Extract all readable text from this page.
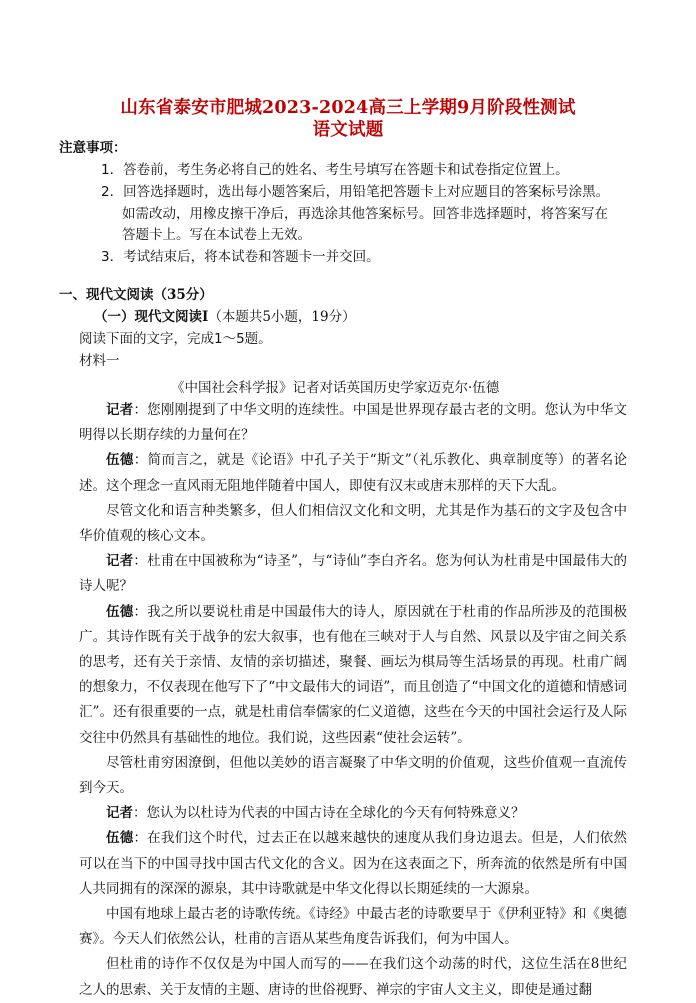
山东省泰安市肥城2023-2024高三上学期9月阶段性测试
语文试题
注意事项：
1．答卷前，考生务必将自己的姓名、考生号填写在答题卡和试卷指定位置上。
2．回答选择题时，选出每小题答案后，用铅笔把答题卡上对应题目的答案标号涂黑。
如需改动，用橡皮擦干净后，再选涂其他答案标号。回答非选择题时，将答案写在
答题卡上。写在本试卷上无效。
3．考试结束后，将本试卷和答题卡一并交回。
一、现代文阅读（35分）
（一）现代文阅读Ⅰ（本题共5小题，19分）
阅读下面的文字，完成1～5题。
材料一
《中国社会科学报》记者对话英国历史学家迈克尔·伍德

记者：您刚刚提到了中华文明的连续性。中国是世界现存最古老的文明。您认为中华文明得以长期存续的力量何在？

伍德：简而言之，就是《论语》中孔子关于“斯文”（礼乐教化、典章制度等）的著名论述。这个理念一直风雨无阻地伴随着中国人，即使有汉末或唐末那样的天下大乱。

尽管文化和语言种类繁多，但人们相信汉文化和文明，尤其是作为基石的文字及包含中华价值观的核心文本。

记者：杜甫在中国被称为“诗圣”，与“诗仙”李白齐名。您为何认为杜甫是中国最伟大的诗人呢？

伍德：我之所以要说杜甫是中国最伟大的诗人，原因就在于杜甫的作品所涉及的范围极广。其诗作既有关于战争的宏大叙事，也有他在三峡对于人与自然、风景以及宇宙之间关系的思考，还有关于亲情、友情的亲切描述，聚餐、画坛为棋局等生活场景的再现。杜甫广阔的想象力，不仅表现在他写下了“中文最伟大的词语”，而且创造了“中国文化的道德和情感词汇”。还有很重要的一点，就是杜甫信奉儒家的仁义道德，这些在今天的中国社会运行及人际交往中仍然具有基础性的地位。我们说，这些因素“使社会运转”。

尽管杜甫穷困潦倒，但他以美妙的语言凝聚了中华文明的价值观，这些价值观一直流传到今天。

记者：您认为以杜诗为代表的中国古诗在全球化的今天有何特殊意义？

伍德：在我们这个时代，过去正在以越来越快的速度从我们身边退去。但是，人们依然可以在当下的中国寻找中国古代文化的含义。因为在这表面之下，所奔流的依然是所有中国人共同拥有的深深的源泉，其中诗歌就是中华文化得以长期延续的一大源泉。

中国有地球上最古老的诗歌传统。《诗经》中最古老的诗歌要早于《伊利亚特》和《奥德赛》。今天人们依然公认，杜甫的言语从某些角度告诉我们，何为中国人。

但杜甫的诗作不仅仅是为中国人而写的——在我们这个动荡的时代，这位生活在8世纪之人的思索、关于友情的主题、唐诗的世俗视野、禅宗的宇宙人文主义，即使是通过翻
